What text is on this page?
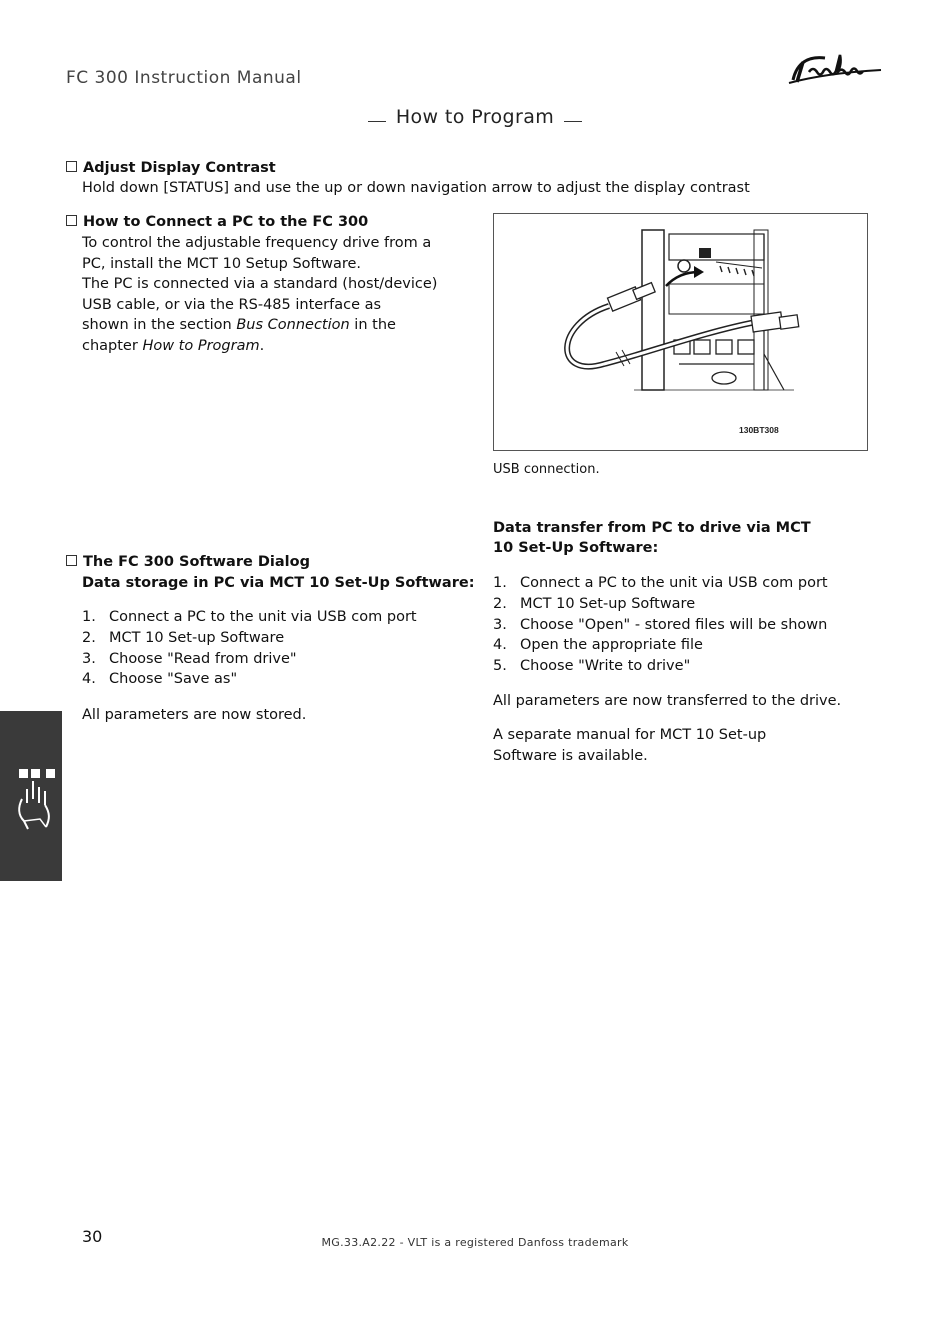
FC 300 Instruction Manual
How to Program
Adjust Display Contrast
Hold down [STATUS] and use the up or down navigation arrow to adjust the display contrast
How to Connect a PC to the FC 300
To control the adjustable frequency drive from a
PC, install the MCT 10 Setup Software.
The PC is connected via a standard (host/device)
USB cable, or via the RS-485 interface as
shown in the section Bus Connection in the
chapter How to Program.
130BT308
USB connection.
Data transfer from PC to drive via MCT
10 Set-Up Software:
1. Connect a PC to the unit via USB com port
2. MCT 10 Set-up Software
3. Choose "Open" - stored files will be shown
4. Open the appropriate file
5. Choose "Write to drive"
All parameters are now transferred to the drive.
A separate manual for MCT 10 Set-up
Software is available.
The FC 300 Software Dialog
Data storage in PC via MCT 10 Set-Up Software:
1. Connect a PC to the unit via USB com port
2. MCT 10 Set-up Software
3. Choose "Read from drive"
4. Choose "Save as"
All parameters are now stored.
30	MG.33.A2.22 - VLT is a registered Danfoss trademark
